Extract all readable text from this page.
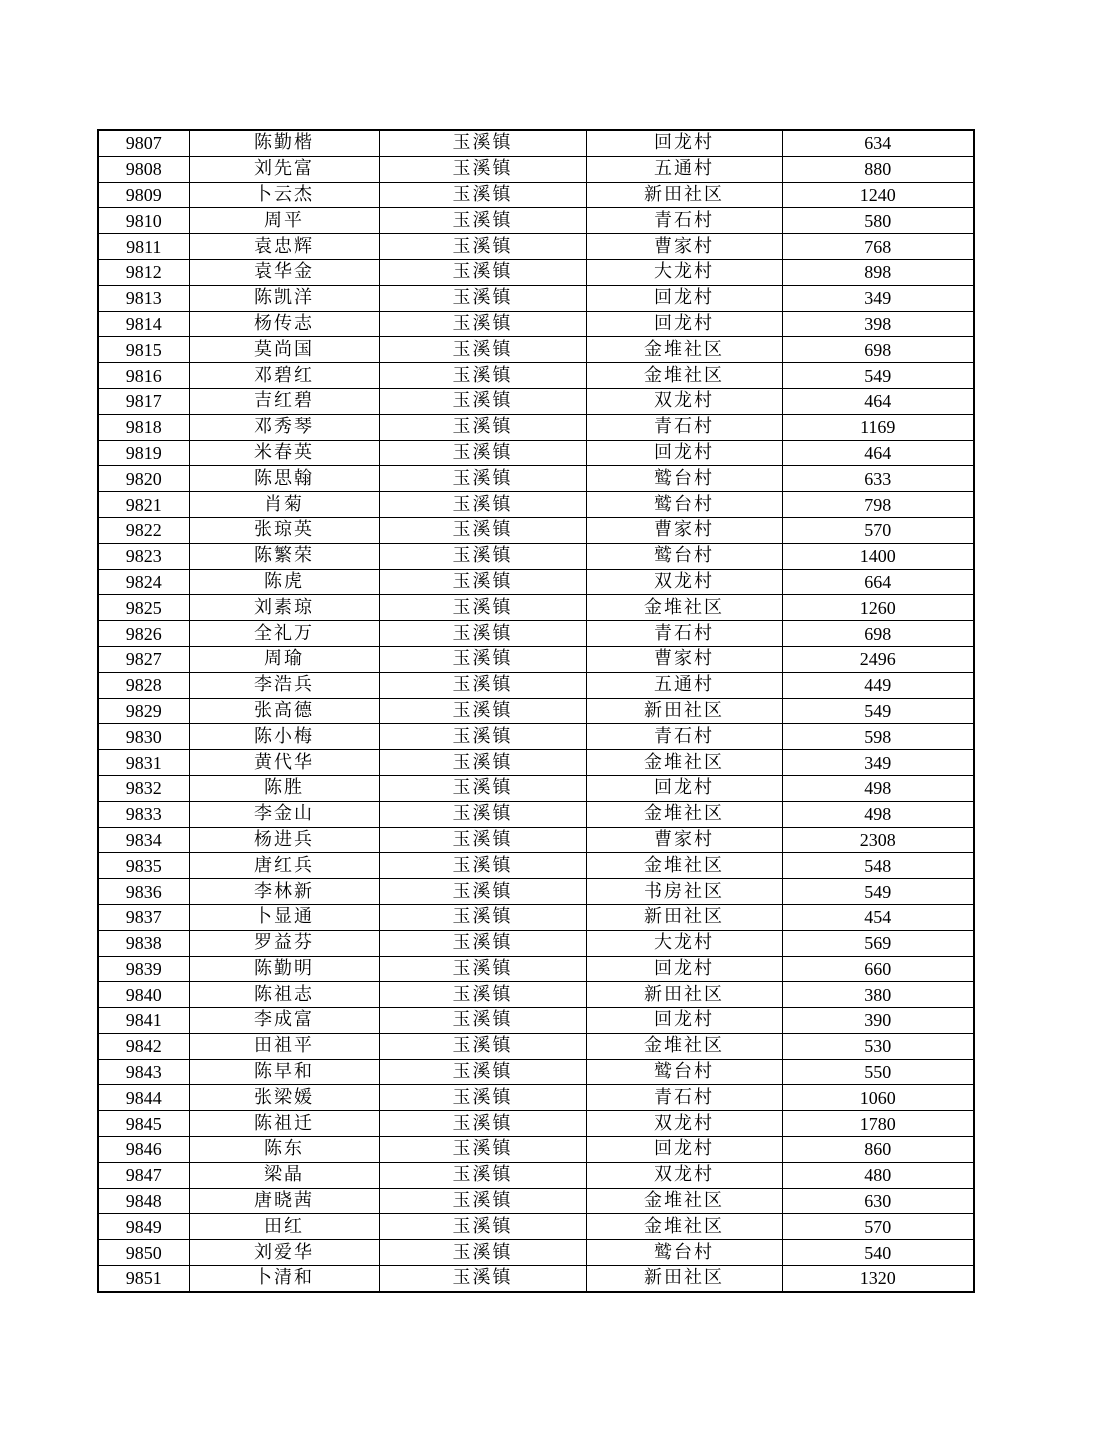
9807	陈勤楷	玉溪镇	回龙村	634
9808	刘先富	玉溪镇	五通村	880
9809	卜云杰	玉溪镇	新田社区	1240
9810	周平	玉溪镇	青石村	580
9811	袁忠辉	玉溪镇	曹家村	768
9812	袁华金	玉溪镇	大龙村	898
9813	陈凯洋	玉溪镇	回龙村	349
9814	杨传志	玉溪镇	回龙村	398
9815	莫尚国	玉溪镇	金堆社区	698
9816	邓碧红	玉溪镇	金堆社区	549
9817	吉红碧	玉溪镇	双龙村	464
9818	邓秀琴	玉溪镇	青石村	1169
9819	米春英	玉溪镇	回龙村	464
9820	陈思翰	玉溪镇	鹫台村	633
9821	肖菊	玉溪镇	鹫台村	798
9822	张琼英	玉溪镇	曹家村	570
9823	陈繁荣	玉溪镇	鹫台村	1400
9824	陈虎	玉溪镇	双龙村	664
9825	刘素琼	玉溪镇	金堆社区	1260
9826	全礼万	玉溪镇	青石村	698
9827	周瑜	玉溪镇	曹家村	2496
9828	李浩兵	玉溪镇	五通村	449
9829	张高德	玉溪镇	新田社区	549
9830	陈小梅	玉溪镇	青石村	598
9831	黄代华	玉溪镇	金堆社区	349
9832	陈胜	玉溪镇	回龙村	498
9833	李金山	玉溪镇	金堆社区	498
9834	杨进兵	玉溪镇	曹家村	2308
9835	唐红兵	玉溪镇	金堆社区	548
9836	李林新	玉溪镇	书房社区	549
9837	卜显通	玉溪镇	新田社区	454
9838	罗益芬	玉溪镇	大龙村	569
9839	陈勤明	玉溪镇	回龙村	660
9840	陈祖志	玉溪镇	新田社区	380
9841	李成富	玉溪镇	回龙村	390
9842	田祖平	玉溪镇	金堆社区	530
9843	陈早和	玉溪镇	鹫台村	550
9844	张梁媛	玉溪镇	青石村	1060
9845	陈祖迁	玉溪镇	双龙村	1780
9846	陈东	玉溪镇	回龙村	860
9847	梁晶	玉溪镇	双龙村	480
9848	唐晓茜	玉溪镇	金堆社区	630
9849	田红	玉溪镇	金堆社区	570
9850	刘爱华	玉溪镇	鹫台村	540
9851	卜清和	玉溪镇	新田社区	1320
